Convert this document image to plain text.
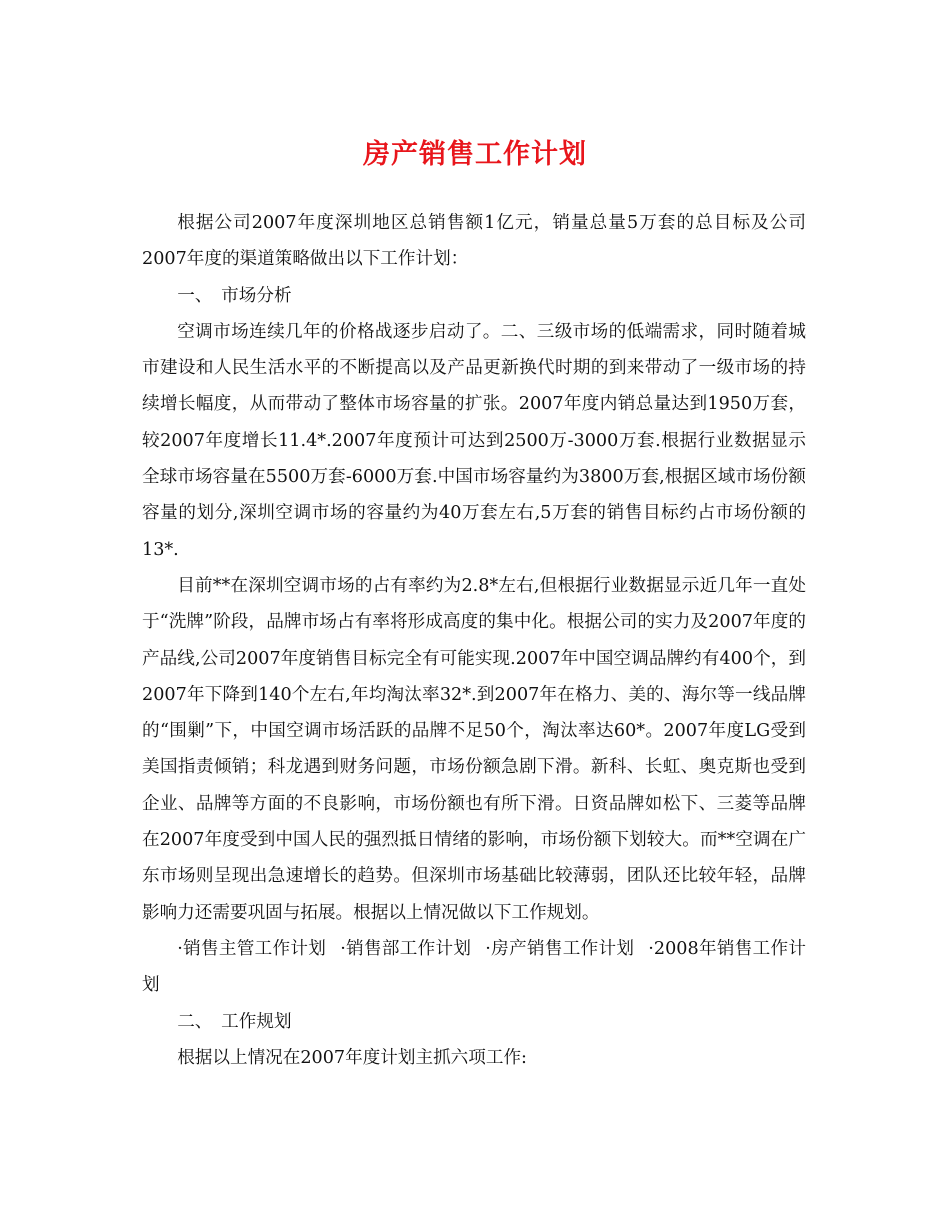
房产销售工作计划

根据公司2007年度深圳地区总销售额1亿元，销量总量5万套的总目标及公司2007年度的渠道策略做出以下工作计划：

一、　市场分析

空调市场连续几年的价格战逐步启动了。二、三级市场的低端需求，同时随着城市建设和人民生活水平的不断提高以及产品更新换代时期的到来带动了一级市场的持续增长幅度，从而带动了整体市场容量的扩张。2007年度内销总量达到1950万套，较2007年度增长11.4*.2007年度预计可达到2500万-3000万套.根据行业数据显示全球市场容量在5500万套-6000万套.中国市场容量约为3800万套,根据区域市场份额容量的划分,深圳空调市场的容量约为40万套左右,5万套的销售目标约占市场份额的13*.

目前**在深圳空调市场的占有率约为2.8*左右,但根据行业数据显示近几年一直处于“洗牌”阶段，品牌市场占有率将形成高度的集中化。根据公司的实力及2007年度的产品线,公司2007年度销售目标完全有可能实现.2007年中国空调品牌约有400个，到2007年下降到140个左右,年均淘汰率32*.到2007年在格力、美的、海尔等一线品牌的“围剿”下，中国空调市场活跃的品牌不足50个，淘汰率达60*。2007年度LG受到美国指责倾销；科龙遇到财务问题，市场份额急剧下滑。新科、长虹、奥克斯也受到企业、品牌等方面的不良影响，市场份额也有所下滑。日资品牌如松下、三菱等品牌在2007年度受到中国人民的强烈抵日情绪的影响，市场份额下划较大。而**空调在广东市场则呈现出急速增长的趋势。但深圳市场基础比较薄弱，团队还比较年轻，品牌影响力还需要巩固与拓展。根据以上情况做以下工作规划。

·销售主管工作计划 ·销售部工作计划 ·房产销售工作计划 ·2008年销售工作计划

二、　工作规划

根据以上情况在2007年度计划主抓六项工作:
